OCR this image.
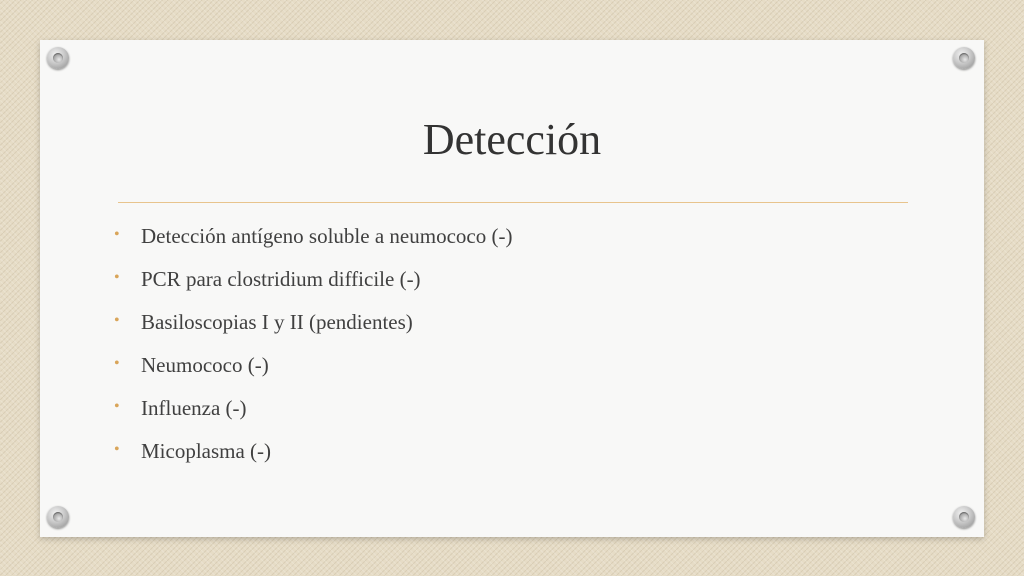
Detección
• Detección antígeno soluble a neumococo (-)
• PCR para clostridium difficile (-)
• Basiloscopias I y II (pendientes)
• Neumococo (-)
• Influenza (-)
• Micoplasma (-)
